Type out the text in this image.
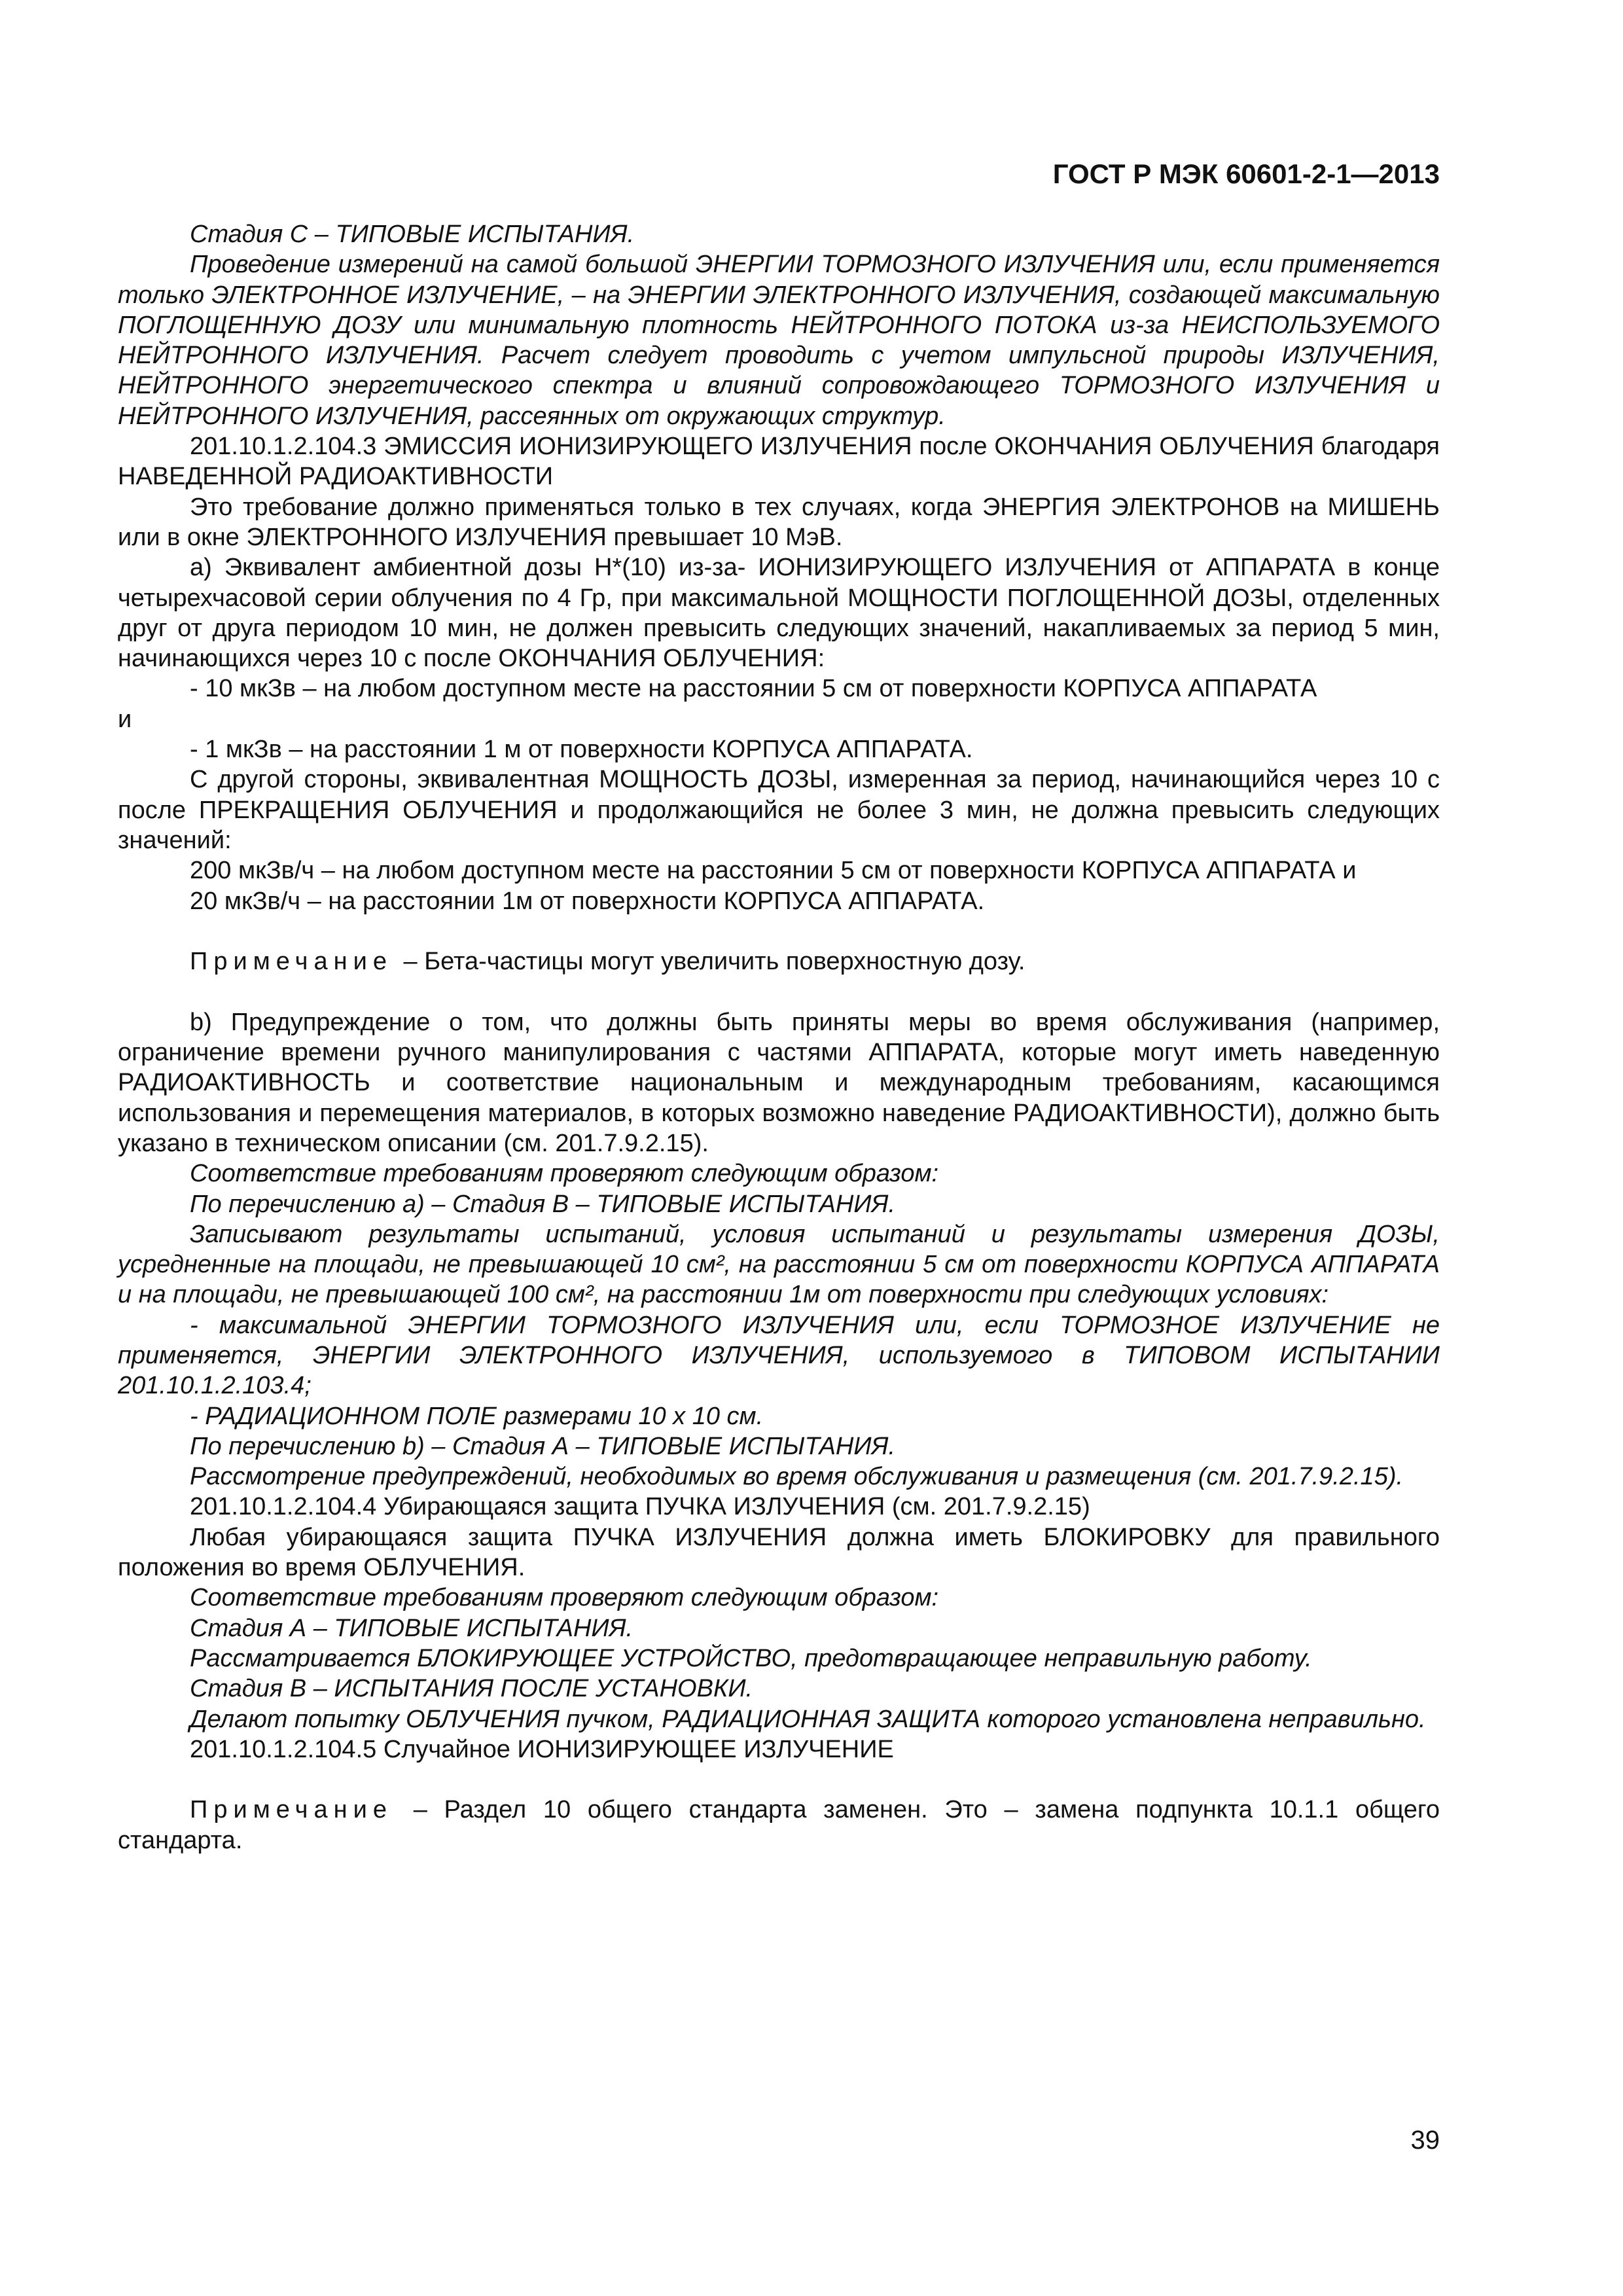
ГОСТ Р МЭК 60601-2-1—2013

Стадия С – ТИПОВЫЕ ИСПЫТАНИЯ.

Проведение измерений на самой большой ЭНЕРГИИ ТОРМОЗНОГО ИЗЛУЧЕНИЯ или, если применяется только ЭЛЕКТРОННОЕ ИЗЛУЧЕНИЕ, – на ЭНЕРГИИ ЭЛЕКТРОННОГО ИЗЛУЧЕНИЯ, создающей максимальную ПОГЛОЩЕННУЮ ДОЗУ или минимальную плотность НЕЙТРОННОГО ПОТОКА из-за НЕИСПОЛЬЗУЕМОГО НЕЙТРОННОГО ИЗЛУЧЕНИЯ. Расчет следует проводить с учетом импульсной природы ИЗЛУЧЕНИЯ, НЕЙТРОННОГО энергетического спектра и влияний сопровождающего ТОРМОЗНОГО ИЗЛУЧЕНИЯ и НЕЙТРОННОГО ИЗЛУЧЕНИЯ, рассеянных от окружающих структур.

201.10.1.2.104.3 ЭМИССИЯ ИОНИЗИРУЮЩЕГО ИЗЛУЧЕНИЯ после ОКОНЧАНИЯ ОБЛУЧЕНИЯ благодаря НАВЕДЕННОЙ РАДИОАКТИВНОСТИ

Это требование должно применяться только в тех случаях, когда ЭНЕРГИЯ ЭЛЕКТРОНОВ на МИШЕНЬ или в окне ЭЛЕКТРОННОГО ИЗЛУЧЕНИЯ превышает 10 МэВ.

а) Эквивалент амбиентной дозы Н*(10) из-за- ИОНИЗИРУЮЩЕГО ИЗЛУЧЕНИЯ от АППАРАТА в конце четырехчасовой серии облучения по 4 Гр, при максимальной МОЩНОСТИ ПОГЛОЩЕННОЙ ДОЗЫ, отделенных друг от друга периодом 10 мин, не должен превысить следующих значений, накапливаемых за период 5 мин, начинающихся через 10 с после ОКОНЧАНИЯ ОБЛУЧЕНИЯ:

- 10 мкЗв – на любом доступном месте на расстоянии 5 см от поверхности КОРПУСА АППАРАТА

и

- 1 мкЗв – на расстоянии 1 м от поверхности КОРПУСА АППАРАТА.

С другой стороны, эквивалентная МОЩНОСТЬ ДОЗЫ, измеренная за период, начинающийся через 10 с после ПРЕКРАЩЕНИЯ ОБЛУЧЕНИЯ и продолжающийся не более 3 мин, не должна превысить следующих значений:

200 мкЗв/ч – на любом доступном месте на расстоянии 5 см от поверхности КОРПУСА АППАРАТА и

20 мкЗв/ч – на расстоянии 1м от поверхности КОРПУСА АППАРАТА.

Примечание – Бета-частицы могут увеличить поверхностную дозу.

b) Предупреждение о том, что должны быть приняты меры во время обслуживания (например, ограничение времени ручного манипулирования с частями АППАРАТА, которые могут иметь наведенную РАДИОАКТИВНОСТЬ и соответствие национальным и международным требованиям, касающимся использования и перемещения материалов, в которых возможно наведение РАДИОАКТИВНОСТИ), должно быть указано в техническом описании (см. 201.7.9.2.15).

Соответствие требованиям проверяют следующим образом:

По перечислению а) – Стадия В – ТИПОВЫЕ ИСПЫТАНИЯ.

Записывают результаты испытаний, условия испытаний и результаты измерения ДОЗЫ, усредненные на площади, не превышающей 10 см², на расстоянии 5 см от поверхности КОРПУСА АППАРАТА и на площади, не превышающей 100 см², на расстоянии 1м от поверхности при следующих условиях:

- максимальной ЭНЕРГИИ ТОРМОЗНОГО ИЗЛУЧЕНИЯ или, если ТОРМОЗНОЕ ИЗЛУЧЕНИЕ не применяется, ЭНЕРГИИ ЭЛЕКТРОННОГО ИЗЛУЧЕНИЯ, используемого в ТИПОВОМ ИСПЫТАНИИ 201.10.1.2.103.4;

- РАДИАЦИОННОМ ПОЛЕ размерами 10 х 10 см.

По перечислению b) – Стадия А – ТИПОВЫЕ ИСПЫТАНИЯ.

Рассмотрение предупреждений, необходимых во время обслуживания и размещения (см. 201.7.9.2.15).

201.10.1.2.104.4 Убирающаяся защита ПУЧКА ИЗЛУЧЕНИЯ (см. 201.7.9.2.15)

Любая убирающаяся защита ПУЧКА ИЗЛУЧЕНИЯ должна иметь БЛОКИРОВКУ для правильного положения во время ОБЛУЧЕНИЯ.

Соответствие требованиям проверяют следующим образом:

Стадия А – ТИПОВЫЕ ИСПЫТАНИЯ.

Рассматривается БЛОКИРУЮЩЕЕ УСТРОЙСТВО, предотвращающее неправильную работу.

Стадия В – ИСПЫТАНИЯ ПОСЛЕ УСТАНОВКИ.

Делают попытку ОБЛУЧЕНИЯ пучком, РАДИАЦИОННАЯ ЗАЩИТА которого установлена неправильно.

201.10.1.2.104.5 Случайное ИОНИЗИРУЮЩЕЕ ИЗЛУЧЕНИЕ

Примечание – Раздел 10 общего стандарта заменен. Это – замена подпункта 10.1.1 общего стандарта.

39
